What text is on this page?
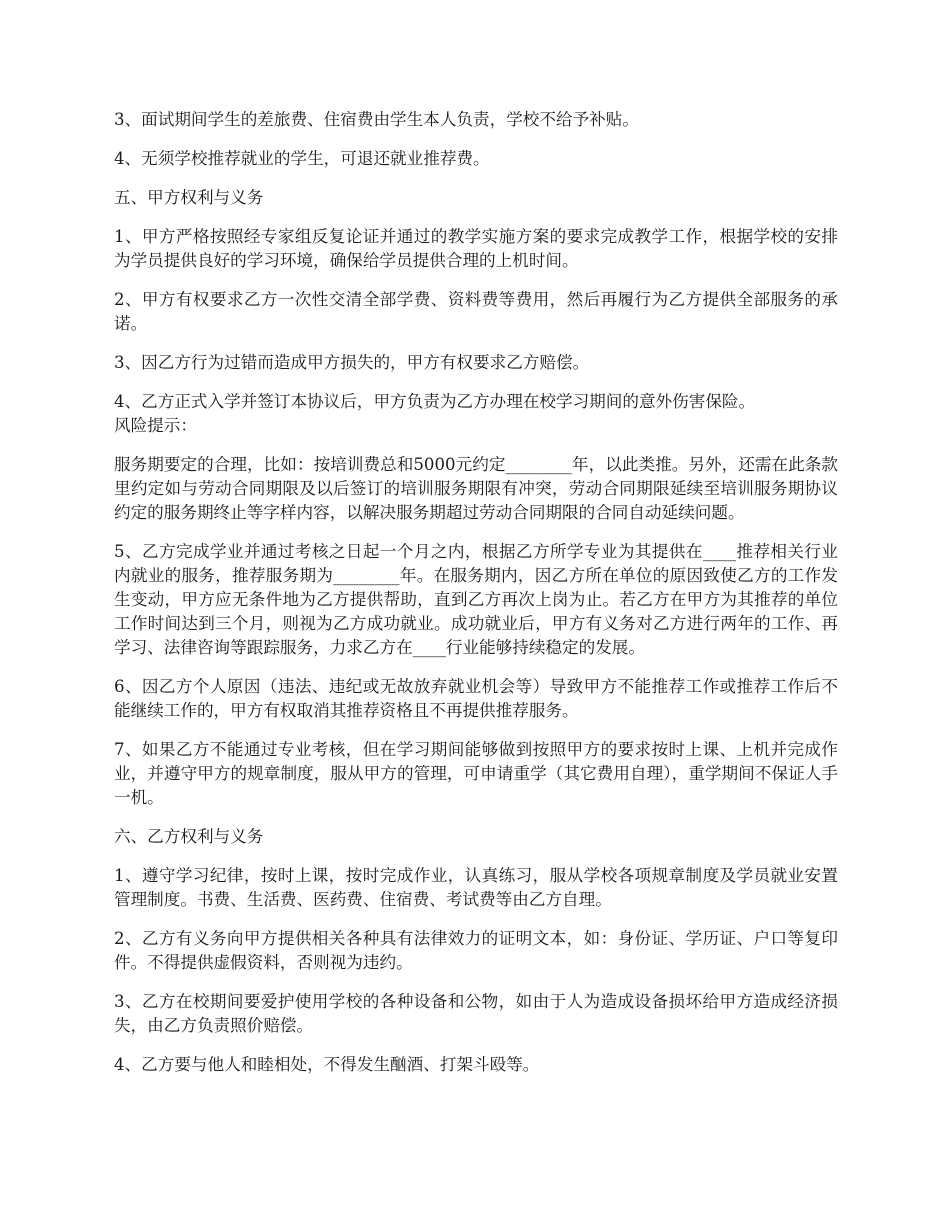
3、面试期间学生的差旅费、住宿费由学生本人负责，学校不给予补贴。

4、无须学校推荐就业的学生，可退还就业推荐费。

五、甲方权利与义务

1、甲方严格按照经专家组反复论证并通过的教学实施方案的要求完成教学工作，根据学校的安排为学员提供良好的学习环境，确保给学员提供合理的上机时间。

2、甲方有权要求乙方一次性交清全部学费、资料费等费用，然后再履行为乙方提供全部服务的承诺。

3、因乙方行为过错而造成甲方损失的，甲方有权要求乙方赔偿。

4、乙方正式入学并签订本协议后，甲方负责为乙方办理在校学习期间的意外伤害保险。

风险提示：

服务期要定的合理，比如：按培训费总和5000元约定________年，以此类推。另外，还需在此条款里约定如与劳动合同期限及以后签订的培训服务期限有冲突，劳动合同期限延续至培训服务期协议约定的服务期终止等字样内容，以解决服务期超过劳动合同期限的合同自动延续问题。

5、乙方完成学业并通过考核之日起一个月之内，根据乙方所学专业为其提供在____推荐相关行业内就业的服务，推荐服务期为________年。在服务期内，因乙方所在单位的原因致使乙方的工作发生变动，甲方应无条件地为乙方提供帮助，直到乙方再次上岗为止。若乙方在甲方为其推荐的单位工作时间达到三个月，则视为乙方成功就业。成功就业后，甲方有义务对乙方进行两年的工作、再学习、法律咨询等跟踪服务，力求乙方在____行业能够持续稳定的发展。

6、因乙方个人原因（违法、违纪或无故放弃就业机会等）导致甲方不能推荐工作或推荐工作后不能继续工作的，甲方有权取消其推荐资格且不再提供推荐服务。

7、如果乙方不能通过专业考核，但在学习期间能够做到按照甲方的要求按时上课、上机并完成作业，并遵守甲方的规章制度，服从甲方的管理，可申请重学（其它费用自理），重学期间不保证人手一机。

六、乙方权利与义务

1、遵守学习纪律，按时上课，按时完成作业，认真练习，服从学校各项规章制度及学员就业安置管理制度。书费、生活费、医药费、住宿费、考试费等由乙方自理。

2、乙方有义务向甲方提供相关各种具有法律效力的证明文本，如：身份证、学历证、户口等复印件。不得提供虚假资料，否则视为违约。

3、乙方在校期间要爱护使用学校的各种设备和公物，如由于人为造成设备损坏给甲方造成经济损失，由乙方负责照价赔偿。

4、乙方要与他人和睦相处，不得发生酗酒、打架斗殴等。
